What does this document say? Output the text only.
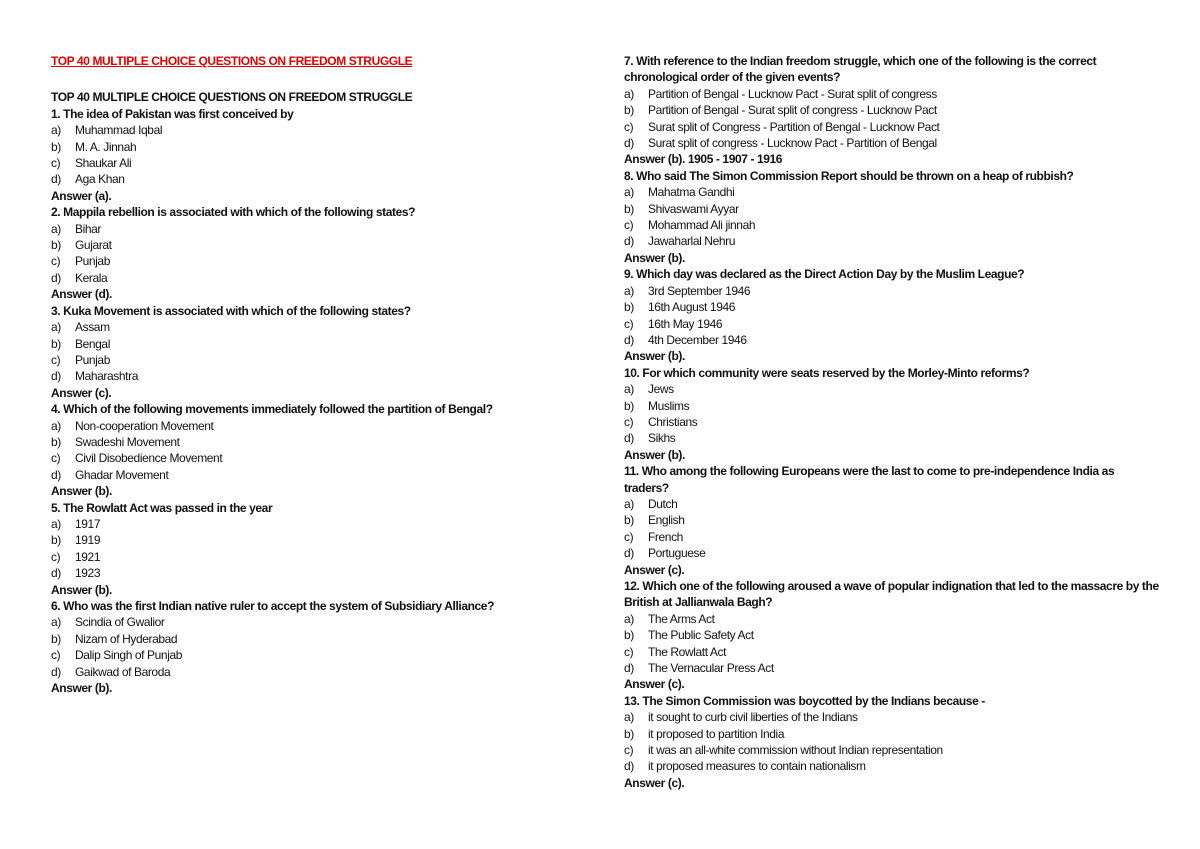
TOP 40 MULTIPLE CHOICE QUESTIONS ON FREEDOM STRUGGLE
TOP 40 MULTIPLE CHOICE QUESTIONS ON FREEDOM STRUGGLE
1. The idea of Pakistan was first conceived by
a)	Muhammad Iqbal
b)	M. A. Jinnah
c)	Shaukar Ali
d)	Aga Khan
Answer (a).
2. Mappila rebellion is associated with which of the following states?
a)	Bihar
b)	Gujarat
c)	Punjab
d)	Kerala
Answer (d).
3. Kuka Movement is associated with which of the following states?
a)	Assam
b)	Bengal
c)	Punjab
d)	Maharashtra
Answer (c).
4. Which of the following movements immediately followed the partition of Bengal?
a)	Non-cooperation Movement
b)	Swadeshi Movement
c)	Civil Disobedience Movement
d)	Ghadar Movement
Answer (b).
5. The Rowlatt Act was passed in the year
a)	1917
b)	1919
c)	1921
d)	1923
Answer (b).
6. Who was the first Indian native ruler to accept the system of Subsidiary Alliance?
a)	Scindia of Gwalior
b)	Nizam of Hyderabad
c)	Dalip Singh of Punjab
d)	Gaikwad of Baroda
Answer (b).
7. With reference to the Indian freedom struggle, which one of the following is the correct chronological order of the given events?
a)	Partition of Bengal - Lucknow Pact - Surat split of congress
b)	Partition of Bengal - Surat split of congress - Lucknow Pact
c)	Surat split of Congress - Partition of Bengal - Lucknow Pact
d)	Surat split of congress - Lucknow Pact - Partition of Bengal
Answer (b). 1905 - 1907 - 1916
8. Who said The Simon Commission Report should be thrown on a heap of rubbish?
a)	Mahatma Gandhi
b)	Shivaswami Ayyar
c)	Mohammad Ali jinnah
d)	Jawaharlal Nehru
Answer (b).
9. Which day was declared as the Direct Action Day by the Muslim League?
a)	3rd September 1946
b)	16th August 1946
c)	16th May 1946
d)	4th December 1946
Answer (b).
10. For which community were seats reserved by the Morley-Minto reforms?
a)	Jews
b)	Muslims
c)	Christians
d)	Sikhs
Answer (b).
11. Who among the following Europeans were the last to come to pre-independence India as traders?
a)	Dutch
b)	English
c)	French
d)	Portuguese
Answer (c).
12. Which one of the following aroused a wave of popular indignation that led to the massacre by the British at Jallianwala Bagh?
a)	The Arms Act
b)	The Public Safety Act
c)	The Rowlatt Act
d)	The Vernacular Press Act
Answer (c).
13. The Simon Commission was boycotted by the Indians because -
a)	it sought to curb civil liberties of the Indians
b)	it proposed to partition India
c)	it was an all-white commission without Indian representation
d)	it proposed measures to contain nationalism
Answer (c).
